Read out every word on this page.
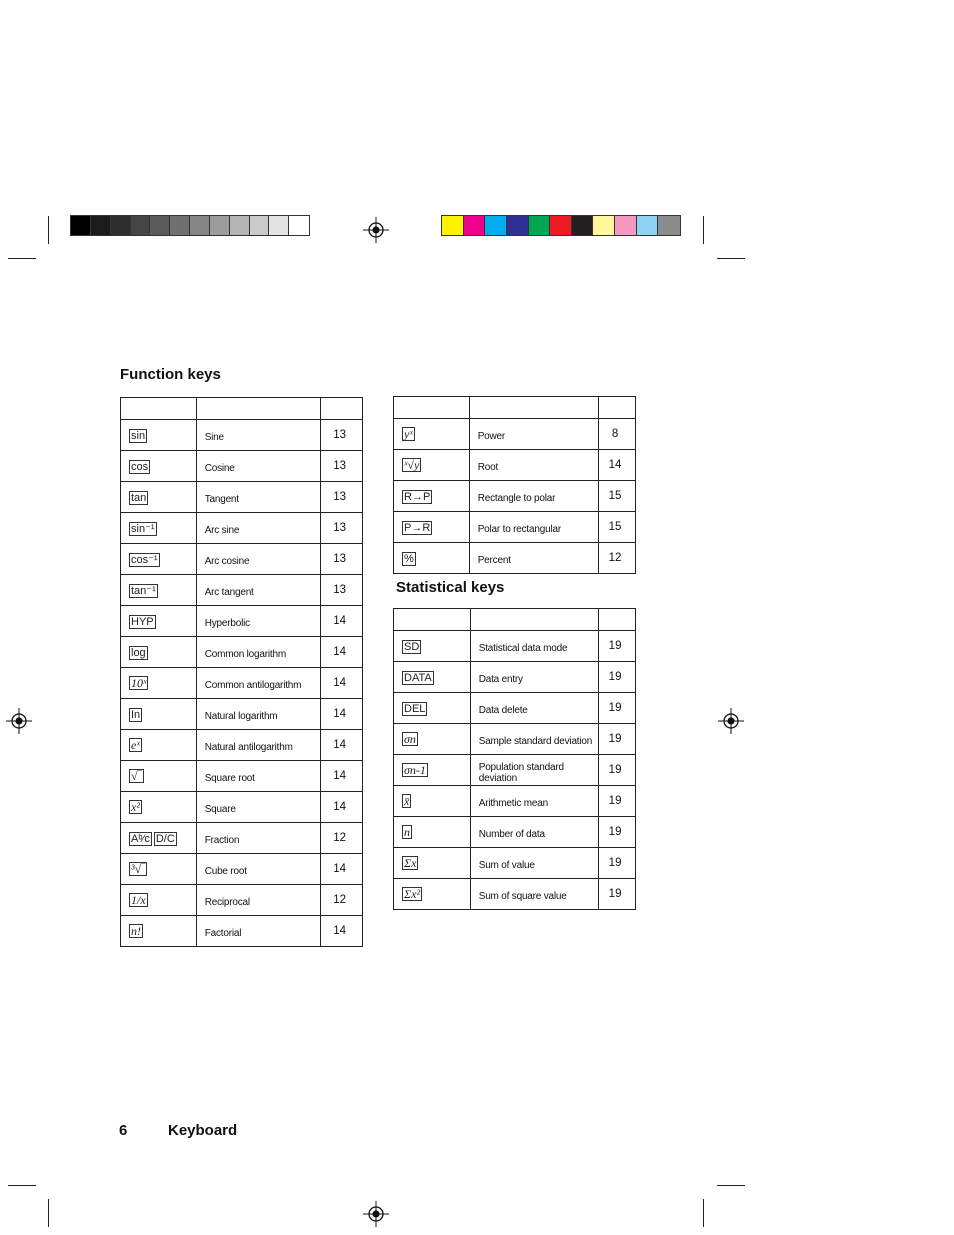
Function keys

sin	Sine	13
cos	Cosine	13
tan	Tangent	13
sin⁻¹	Arc sine	13
cos⁻¹	Arc cosine	13
tan⁻¹	Arc tangent	13
HYP	Hyperbolic	14
log	Common logarithm	14
10ˣ	Common antilogarithm	14
In	Natural logarithm	14
eˣ	Natural antilogarithm	14
√‾	Square root	14
x²	Square	14
Aᵇ⁄c D/C	Fraction	12
³√‾	Cube root	14
1/x	Reciprocal	12
n!	Factorial	14

yˣ	Power	8
ˣ√y	Root	14
R→P	Rectangle to polar	15
P→R	Polar to rectangular	15
%	Percent	12
Statistical keys

SD	Statistical data mode	19
DATA	Data entry	19
DEL	Data delete	19
σn	Sample standard deviation	19
σn-1	Population standard deviation	19
x̄	Arithmetic mean	19
n	Number of data	19
Σx	Sum of value	19
Σx²	Sum of square value	19
6	Keyboard
